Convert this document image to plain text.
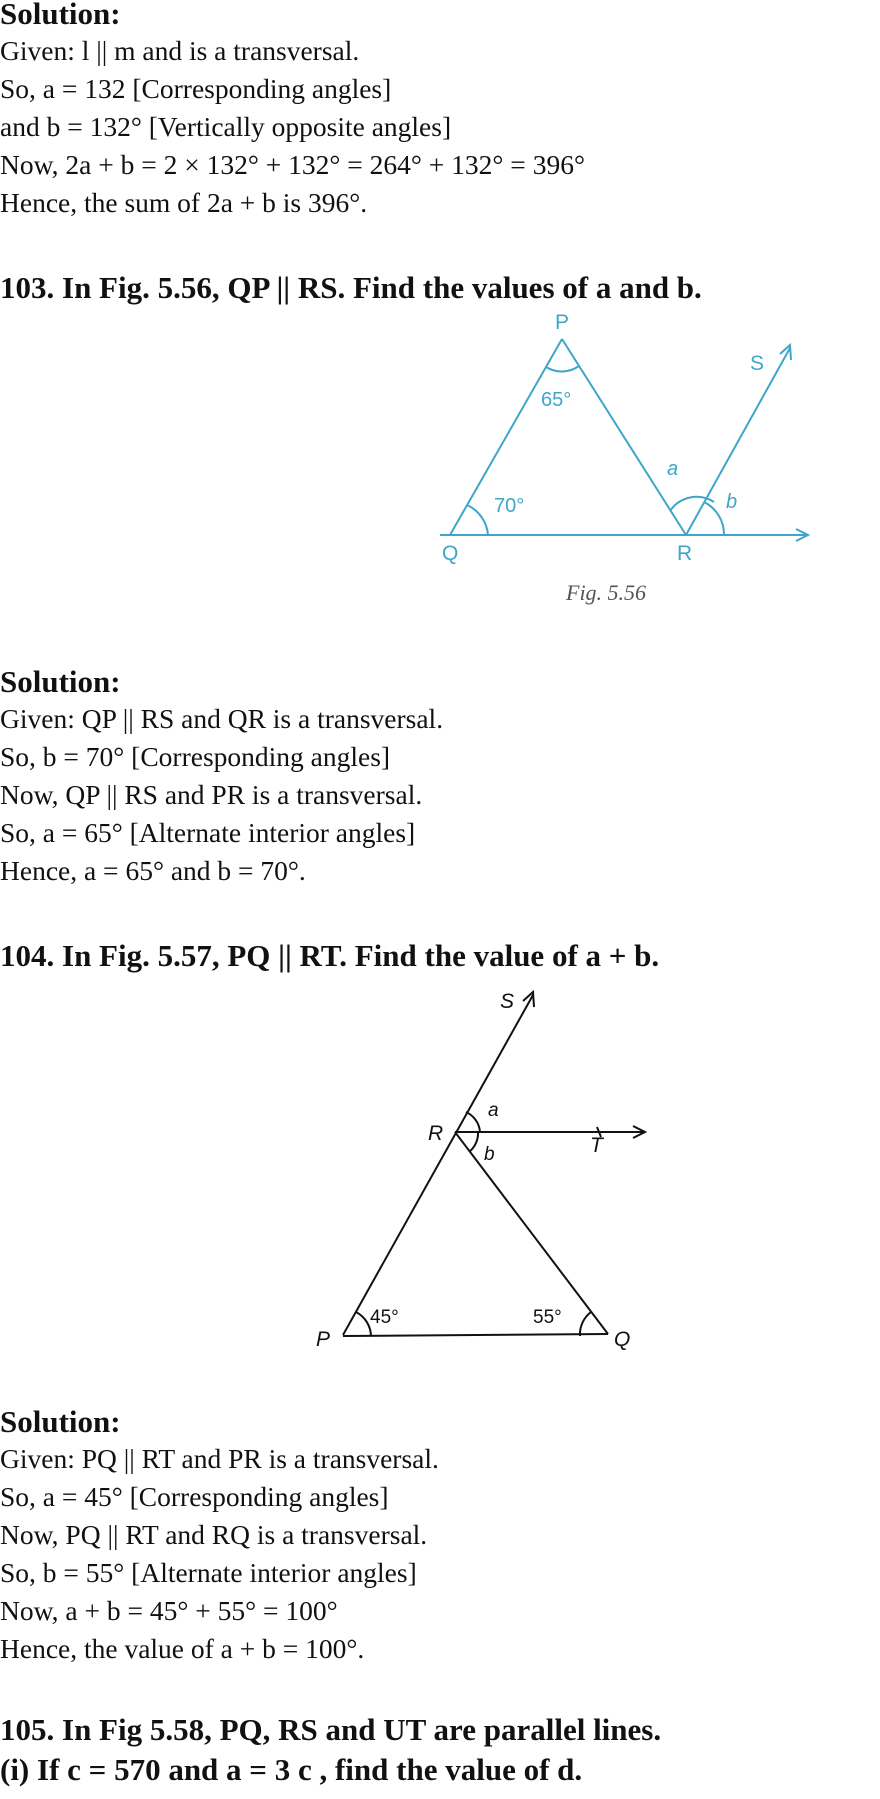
Solution:

Given: l || m and is a transversal.

So, a = 132 [Corresponding angles]

and b = 132° [Vertically opposite angles]

Now, 2a + b = 2 × 132° + 132° = 264° + 132° = 396°

Hence, the sum of 2a + b is 396°.

103. In Fig. 5.56, QP || RS. Find the values of a and b.

P
Q	R
S
65°
70°
a
b
Fig. 5.56

Solution:

Given: QP || RS and QR is a transversal.

So, b = 70° [Corresponding angles]

Now, QP || RS and PR is a transversal.

So, a = 65° [Alternate interior angles]

Hence, a = 65° and b = 70°.

104. In Fig. 5.57, PQ || RT. Find the value of a + b.

S
R
T
P	Q
a
b
45°	55°

Solution:

Given: PQ || RT and PR is a transversal.

So, a = 45° [Corresponding angles]

Now, PQ || RT and RQ is a transversal.

So, b = 55° [Alternate interior angles]

Now, a + b = 45° + 55° = 100°

Hence, the value of a + b = 100°.

105. In Fig 5.58, PQ, RS and UT are parallel lines.

(i) If c = 570 and a = 3 c , find the value of d.
